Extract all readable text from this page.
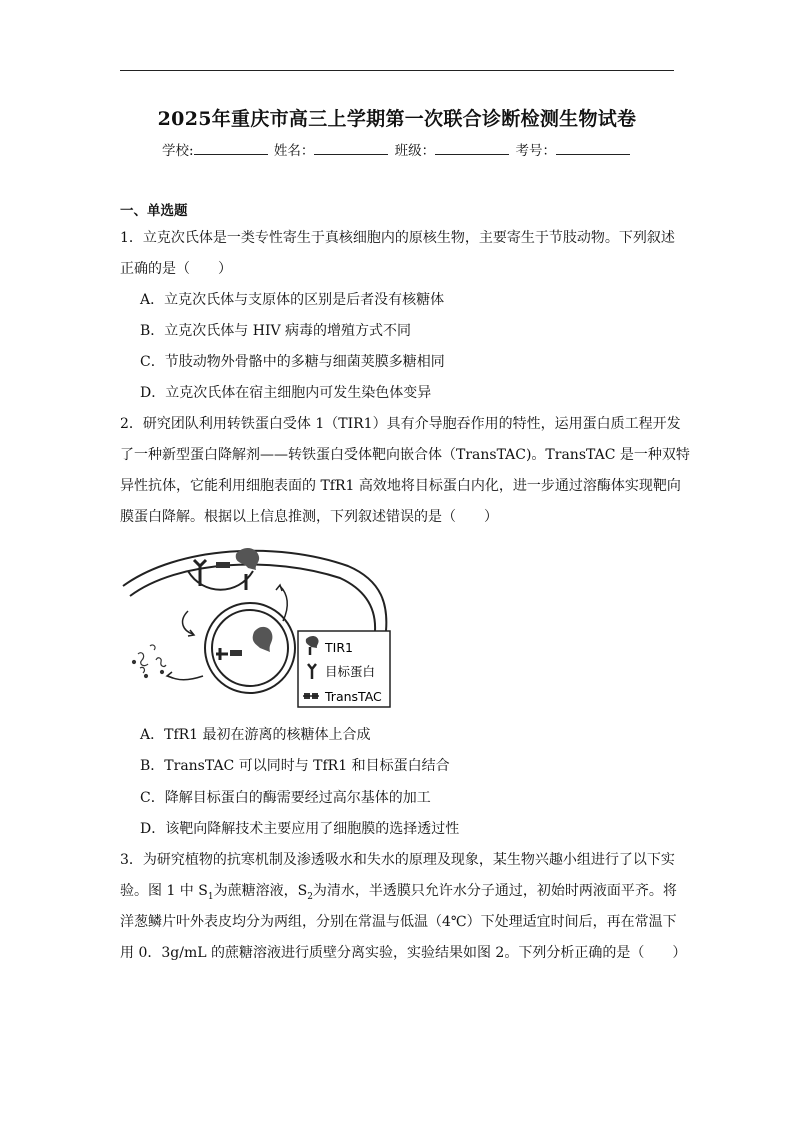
2025年重庆市高三上学期第一次联合诊断检测生物试卷
学校:	姓名：	班级：	考号：
一、单选题
1．立克次氏体是一类专性寄生于真核细胞内的原核生物，主要寄生于节肢动物。下列叙述
正确的是（　　）
A．立克次氏体与支原体的区别是后者没有核糖体
B．立克次氏体与 HIV 病毒的增殖方式不同
C．节肢动物外骨骼中的多糖与细菌荚膜多糖相同
D．立克次氏体在宿主细胞内可发生染色体变异
2．研究团队利用转铁蛋白受体 1（TIR1）具有介导胞吞作用的特性，运用蛋白质工程开发
了一种新型蛋白降解剂——转铁蛋白受体靶向嵌合体（TransTAC)。TransTAC 是一种双特
异性抗体，它能利用细胞表面的 TfR1 高效地将目标蛋白内化，进一步通过溶酶体实现靶向
膜蛋白降解。根据以上信息推测，下列叙述错误的是（　　）
TIR1
目标蛋白
TransTAC
A．TfR1 最初在游离的核糖体上合成
B．TransTAC 可以同时与 TfR1 和目标蛋白结合
C．降解目标蛋白的酶需要经过高尔基体的加工
D．该靶向降解技术主要应用了细胞膜的选择透过性
3．为研究植物的抗寒机制及渗透吸水和失水的原理及现象，某生物兴趣小组进行了以下实
验。图 1 中 $S_1$为蔗糖溶液，$S_2$为清水，半透膜只允许水分子通过，初始时两液面平齐。将
洋葱鳞片叶外表皮均分为两组，分别在常温与低温（4℃）下处理适宜时间后，再在常温下
用 0．3g/mL 的蔗糖溶液进行质壁分离实验，实验结果如图 2。下列分析正确的是（　　）
